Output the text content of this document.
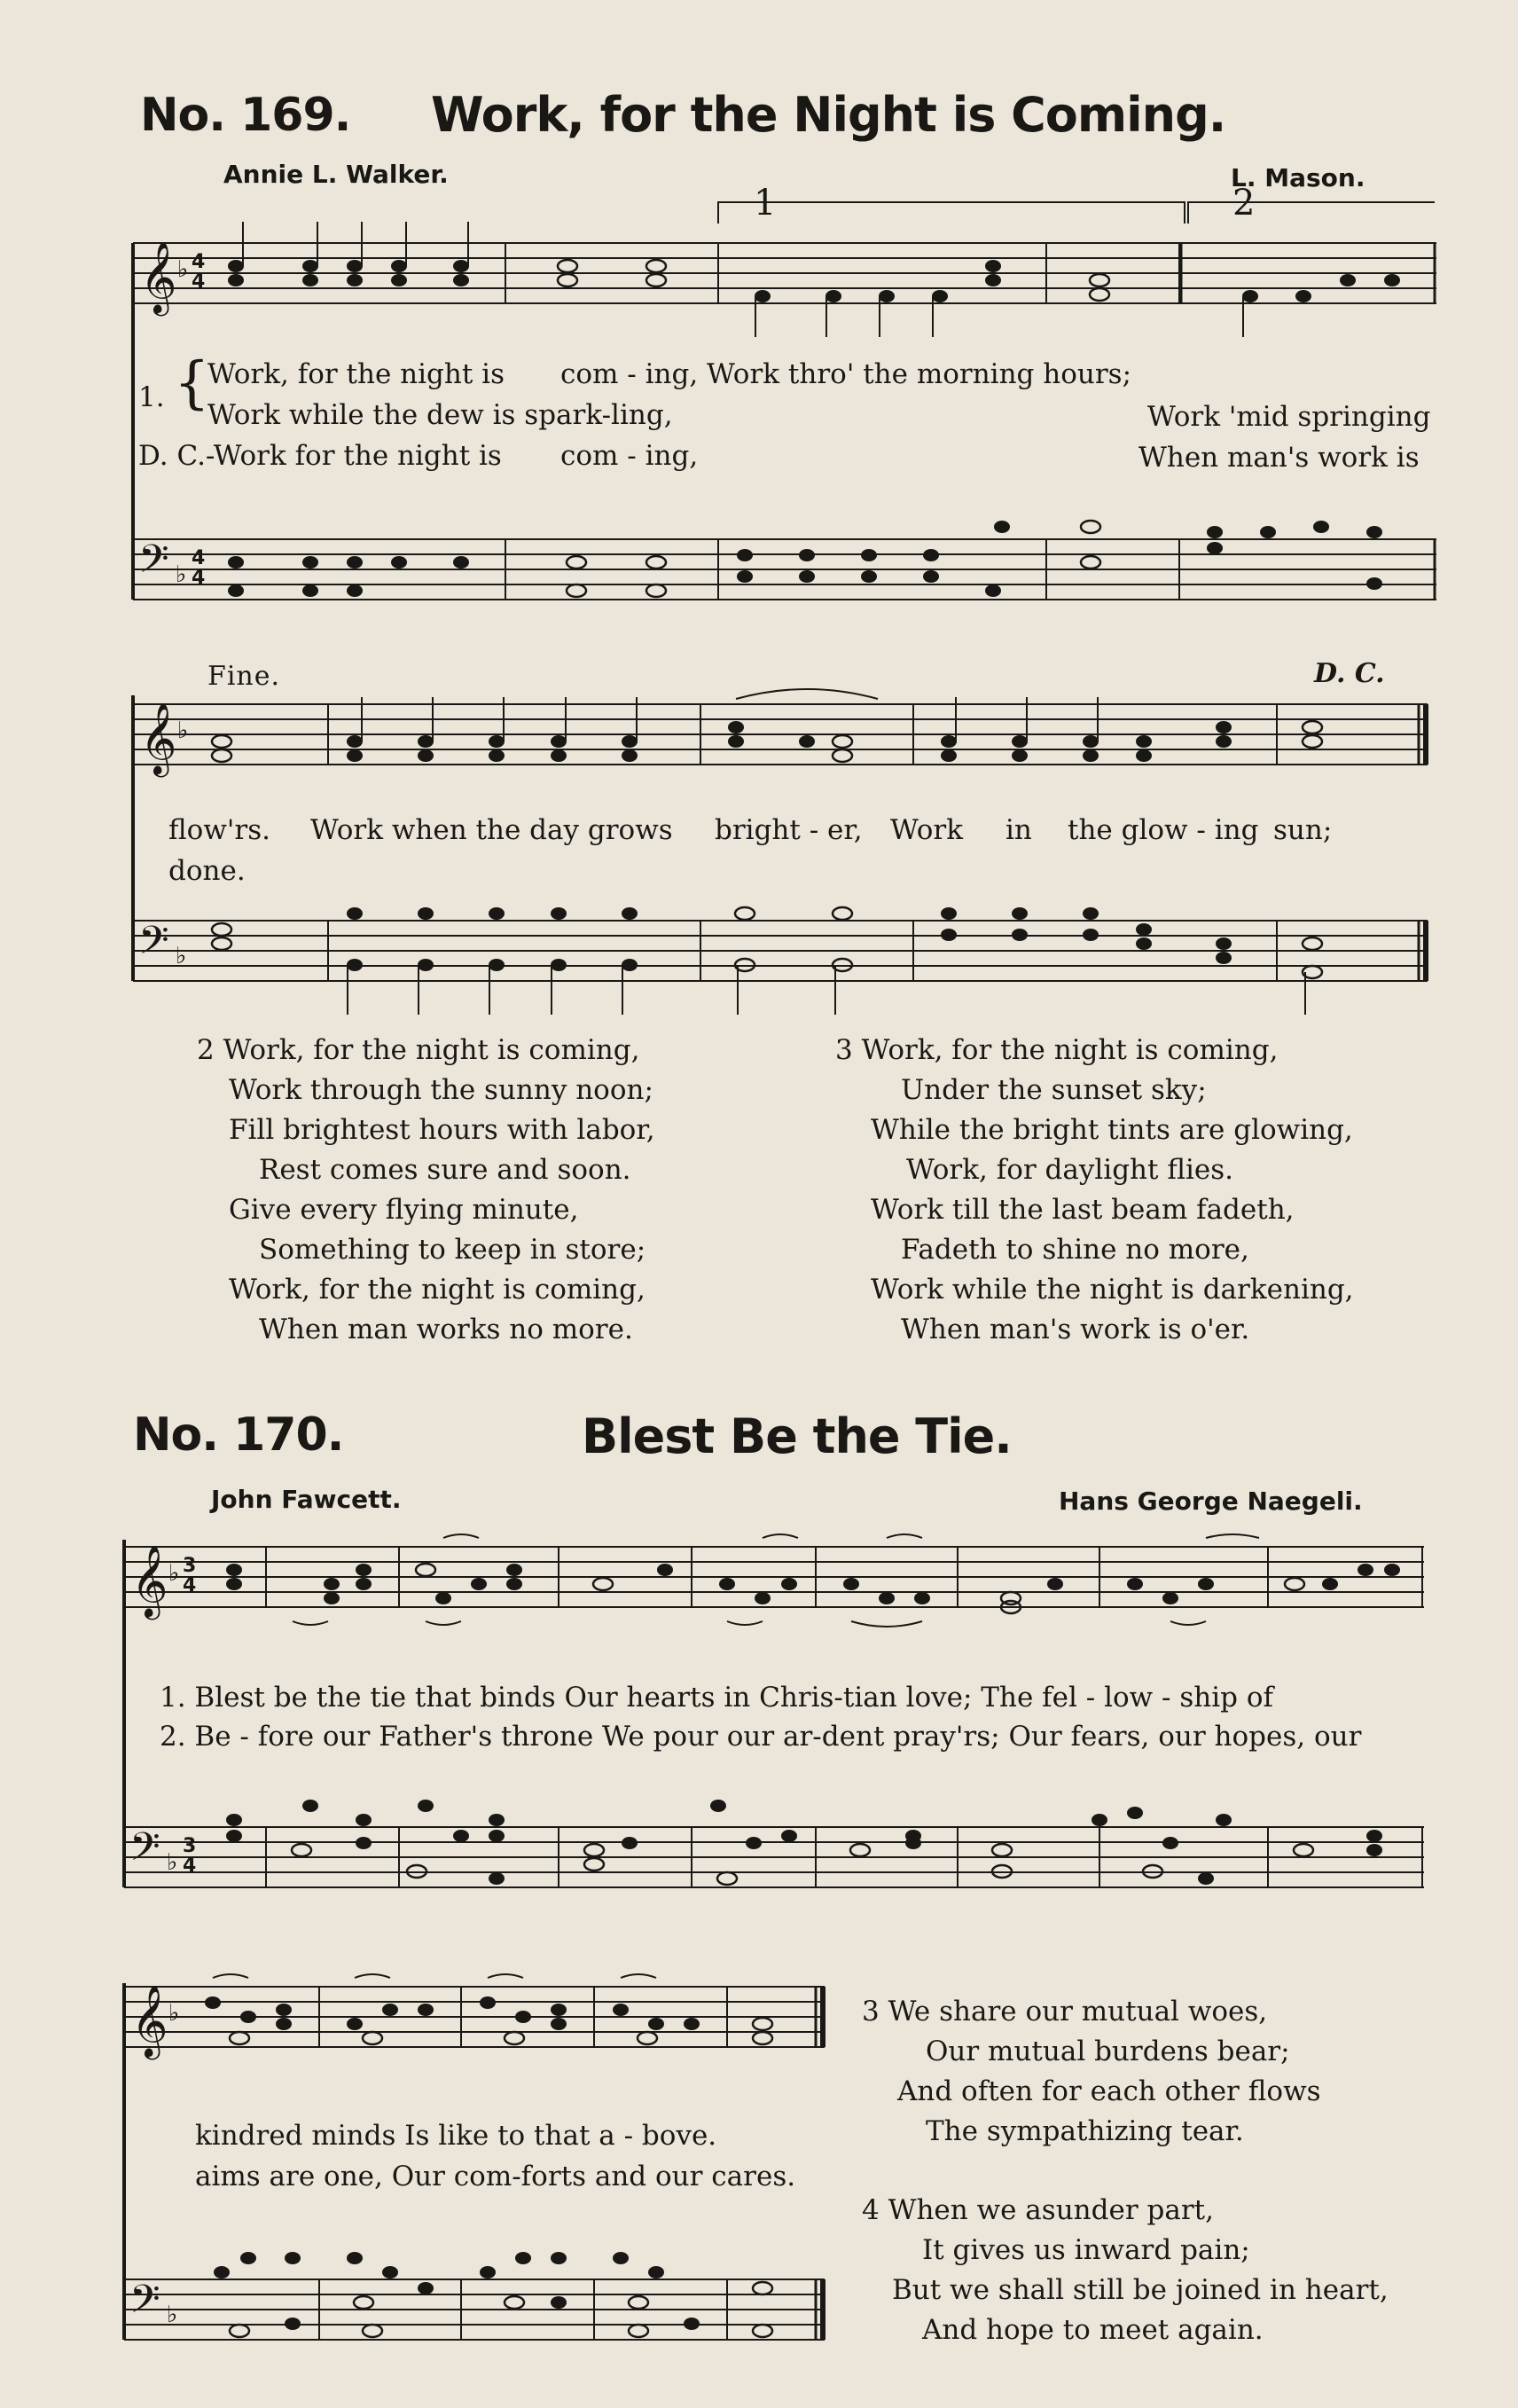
No. 169. Work, for the Night is Coming.
Annie L. Walker.	L. Mason.
1	2
𝄞 ♭ 4
4
1. {
Work, for the night is com - ing, Work thro' the morning hours;
Work while the dew is spark-ling,	Work 'mid springing
D. C.-Work for the night is com - ing,	When man's work is
𝄢 ♭
4
4
Fine.	D. C.
𝄞 ♭
flow'rs. Work when the day grows bright - er, Work in the glow - ing sun;
done.
𝄢 ♭
2 Work, for the night is coming,
Work through the sunny noon;
Fill brightest hours with labor,
Rest comes sure and soon.
Give every flying minute,
Something to keep in store;
Work, for the night is coming,
When man works no more.
3 Work, for the night is coming,
Under the sunset sky;
While the bright tints are glowing,
Work, for daylight flies.
Work till the last beam fadeth,
Fadeth to shine no more,
Work while the night is darkening,
When man's work is o'er.
No. 170.	Blest Be the Tie.
John Fawcett.	Hans George Naegeli.
𝄞 ♭ 3
4
1. Blest be the tie that binds Our hearts in Chris-tian love; The fel - low - ship of
2. Be - fore our Father's throne We pour our ar-dent pray'rs; Our fears, our hopes, our
𝄢 ♭
3
4
𝄞 ♭
kindred minds Is like to that a - bove.
aims are one, Our com-forts and our cares.
𝄢 ♭
3 We share our mutual woes,
Our mutual burdens bear;
And often for each other flows
The sympathizing tear.
4 When we asunder part,
It gives us inward pain;
But we shall still be joined in heart,
And hope to meet again.
